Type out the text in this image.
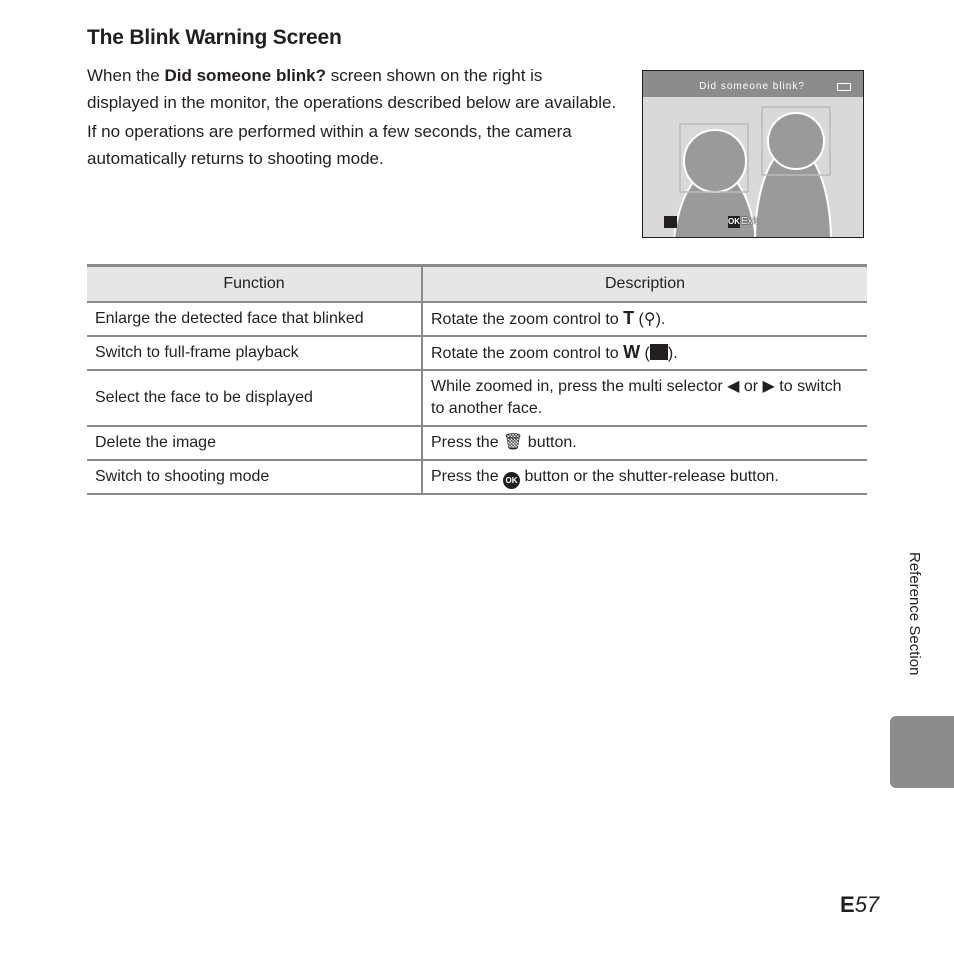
The Blink Warning Screen

When the Did someone blink? screen shown on the right is displayed in the monitor, the operations described below are available.

If no operations are performed within a few seconds, the camera automatically returns to shooting mode.

Did someone blink?
OK Exit
Function	Description
Enlarge the detected face that blinked	Rotate the zoom control to T (⚲).
Switch to full-frame playback	Rotate the zoom control to W ( ).
Select the face to be displayed	While zoomed in, press the multi selector ◀ or ▶ to switch to another face.
Delete the image	Press the 🗑 button.
Switch to shooting mode	Press the OK button or the shutter-release button.
Reference Section
E57
